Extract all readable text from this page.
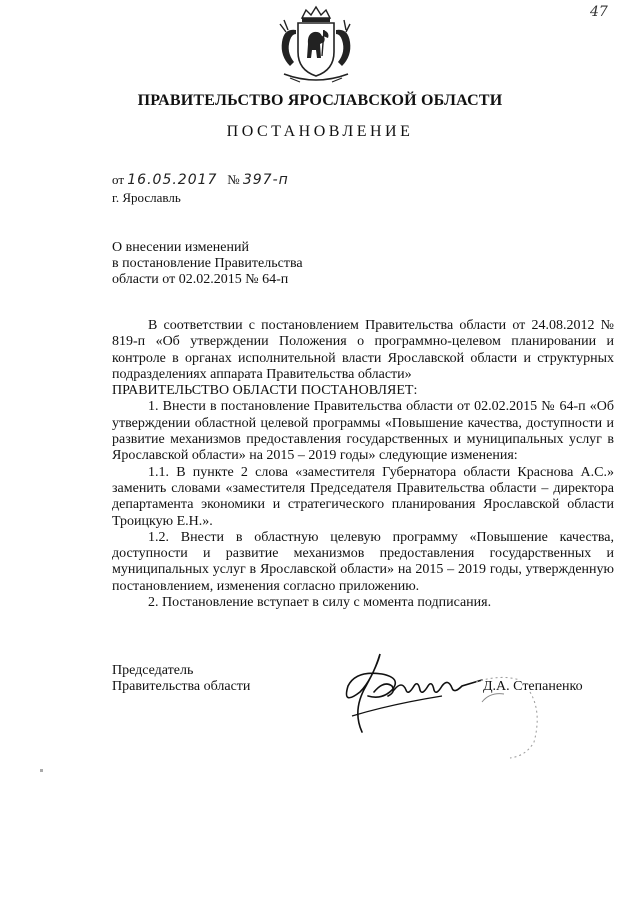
47
ПРАВИТЕЛЬСТВО ЯРОСЛАВСКОЙ ОБЛАСТИ
ПОСТАНОВЛЕНИЕ
от 16.05.2017 № 397-п
г. Ярославль
О внесении изменений
в постановление Правительства
области от 02.02.2015 № 64-п
В соответствии с постановлением Правительства области от 24.08.2012 № 819-п «Об утверждении Положения о программно-целевом планировании и контроле в органах исполнительной власти Ярославской области и структурных подразделениях аппарата Правительства области»
ПРАВИТЕЛЬСТВО ОБЛАСТИ ПОСТАНОВЛЯЕТ:
1. Внести в постановление Правительства области от 02.02.2015 № 64-п «Об утверждении областной целевой программы «Повышение качества, доступности и развитие механизмов предоставления государственных и муниципальных услуг в Ярославской области» на 2015 – 2019 годы» следующие изменения:
1.1. В пункте 2 слова «заместителя Губернатора области Краснова А.С.» заменить словами «заместителя Председателя Правительства области – директора департамента экономики и стратегического планирования Ярославской области Троицкую Е.Н.».
1.2. Внести в областную целевую программу «Повышение качества, доступности и развитие механизмов предоставления государственных и муниципальных услуг в Ярославской области» на 2015 – 2019 годы, утвержденную постановлением, изменения согласно приложению.
2. Постановление вступает в силу с момента подписания.
Председатель
Правительства области	Д.А. Степаненко
